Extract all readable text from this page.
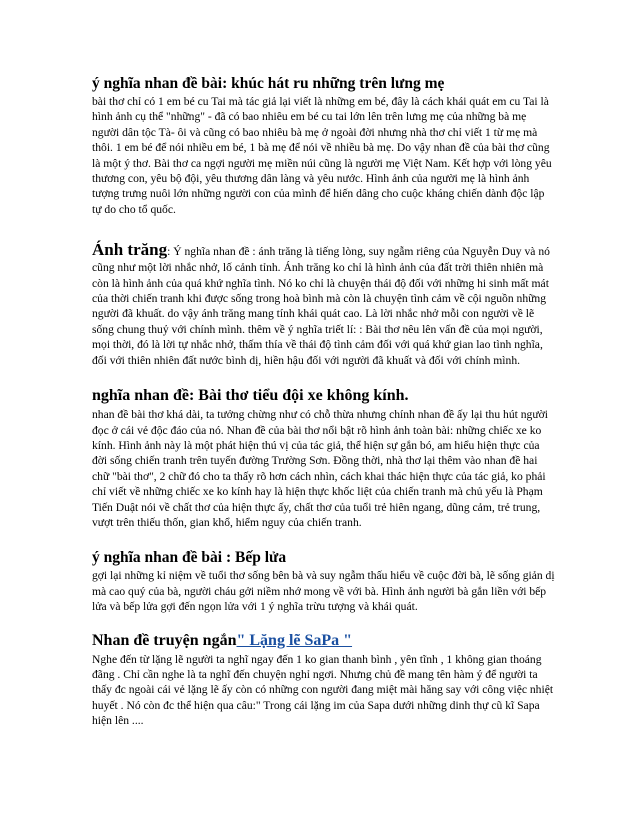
ý nghĩa nhan đề bài: khúc hát ru những trên lưng mẹ

bài thơ chỉ có 1 em bé cu Tai mà tác giả lại viết là những em bé, đây là cách khái quát em cu Tai là hình ảnh cụ thể "những" - đã có bao nhiêu em bé cu tai lớn lên trên lưng mẹ của những bà mẹ người dân tộc Tà- ôi và cũng có bao nhiêu bà mẹ ở ngoài đời nhưng nhà thơ chỉ viết 1 từ mẹ mà thôi. 1 em bé để nói nhiều em bé, 1 bà mẹ để nói về nhiều bà mẹ. Do vậy nhan đề của bài thơ cũng là một ý thơ. Bài thơ ca ngợi người mẹ miền núi cũng là người mẹ Việt Nam. Kết hợp với lòng yêu thương con, yêu bộ đội, yêu thương dân làng và yêu nước. Hình ảnh của người mẹ là hình ảnh tượng trưng nuôi lớn những người con của mình để hiến dâng cho cuộc kháng chiến dành độc lập tự do cho tổ quốc.

Ánh trăng: Ý nghĩa nhan đề : ánh trăng là tiếng lòng, suy ngẫm riêng của Nguyễn Duy và nó cũng như một lời nhắc nhở, lố cảnh tỉnh. Ánh trăng ko chỉ là hình ảnh của đất trời thiên nhiên mà còn là hình ảnh của quá khứ nghĩa tình. Nó ko chỉ là chuyện thái độ đối với những hi sinh mất mát của thời chiến tranh khi được sống trong hoà bình mà còn là chuyện tình cảm về cội nguồn những người đã khuất. do vậy ánh trăng mang tính khái quát cao. Là lời nhắc nhở mỗi con người về lẽ sống chung thuỷ với chính mình. thêm về ý nghĩa triết lí: : Bài thơ nêu lên vấn đề của mọi người, mọi thời, đó là lời tự nhắc nhở, thấm thía về thái độ tình cảm đối với quá khứ gian lao tình nghĩa, đối với thiên nhiên đất nước bình dị, hiền hậu đối với người đã khuất và đối với chính mình.

nghĩa nhan đề: Bài thơ tiểu đội xe không kính.

nhan đề bài thơ khá dài, ta tưởng chừng như có chỗ thừa nhưng chính nhan đề ấy lại thu hút người đọc ở cái vẻ độc đáo của nó. Nhan đề của bài thơ nổi bật rõ hình ảnh toàn bài: những chiếc xe ko kính. Hình ảnh này là một phát hiện thú vị của tác giả, thể hiện sự gắn bó, am hiểu hiện thực của đời sống chiến tranh trên tuyến đường Trường Sơn. Đồng thời, nhà thơ lại thêm vào nhan đề hai chữ "bài thơ", 2 chữ đó cho ta thấy rõ hơn cách nhìn, cách khai thác hiện thực của tác giả, ko phải chỉ viết về những chiếc xe ko kính hay là hiện thực khốc liệt của chiến tranh mà chủ yếu là Phạm Tiến Duật nói về chất thơ của hiện thực ấy, chất thơ của tuổi trẻ hiên ngang, dũng cảm, trẻ trung, vượt trên thiếu thốn, gian khổ, hiểm nguy của chiến tranh.

ý nghĩa nhan đề bài : Bếp lửa

gợi lại những kỉ niệm về tuổi thơ sống bên bà và suy ngẫm thấu hiểu về cuộc đời bà, lẽ sống giản dị mà cao quý của bà, người cháu gởi niềm nhớ mong về với bà. Hình ảnh người bà gắn liền với bếp lửa và bếp lửa gợi đến ngọn lửa với 1 ý nghĩa trừu tượng và khái quát.

Nhan đề truyện ngắn" Lặng lẽ SaPa "

Nghe đến từ lặng lẽ người ta nghĩ ngay đến 1 ko gian thanh bình , yên tĩnh , 1 không gian thoáng đãng . Chỉ cần nghe là ta nghĩ đến chuyện nghỉ ngơi. Nhưng chủ đề mang tên hàm ý để người ta thấy đc ngoài cái vẻ lặng lẽ ấy còn có những con người đang miệt mài hăng say với công việc nhiệt huyết . Nó còn đc thể hiện qua câu:" Trong cái lặng im của Sapa dưới những dinh thự cũ kĩ Sapa hiện lên ....
